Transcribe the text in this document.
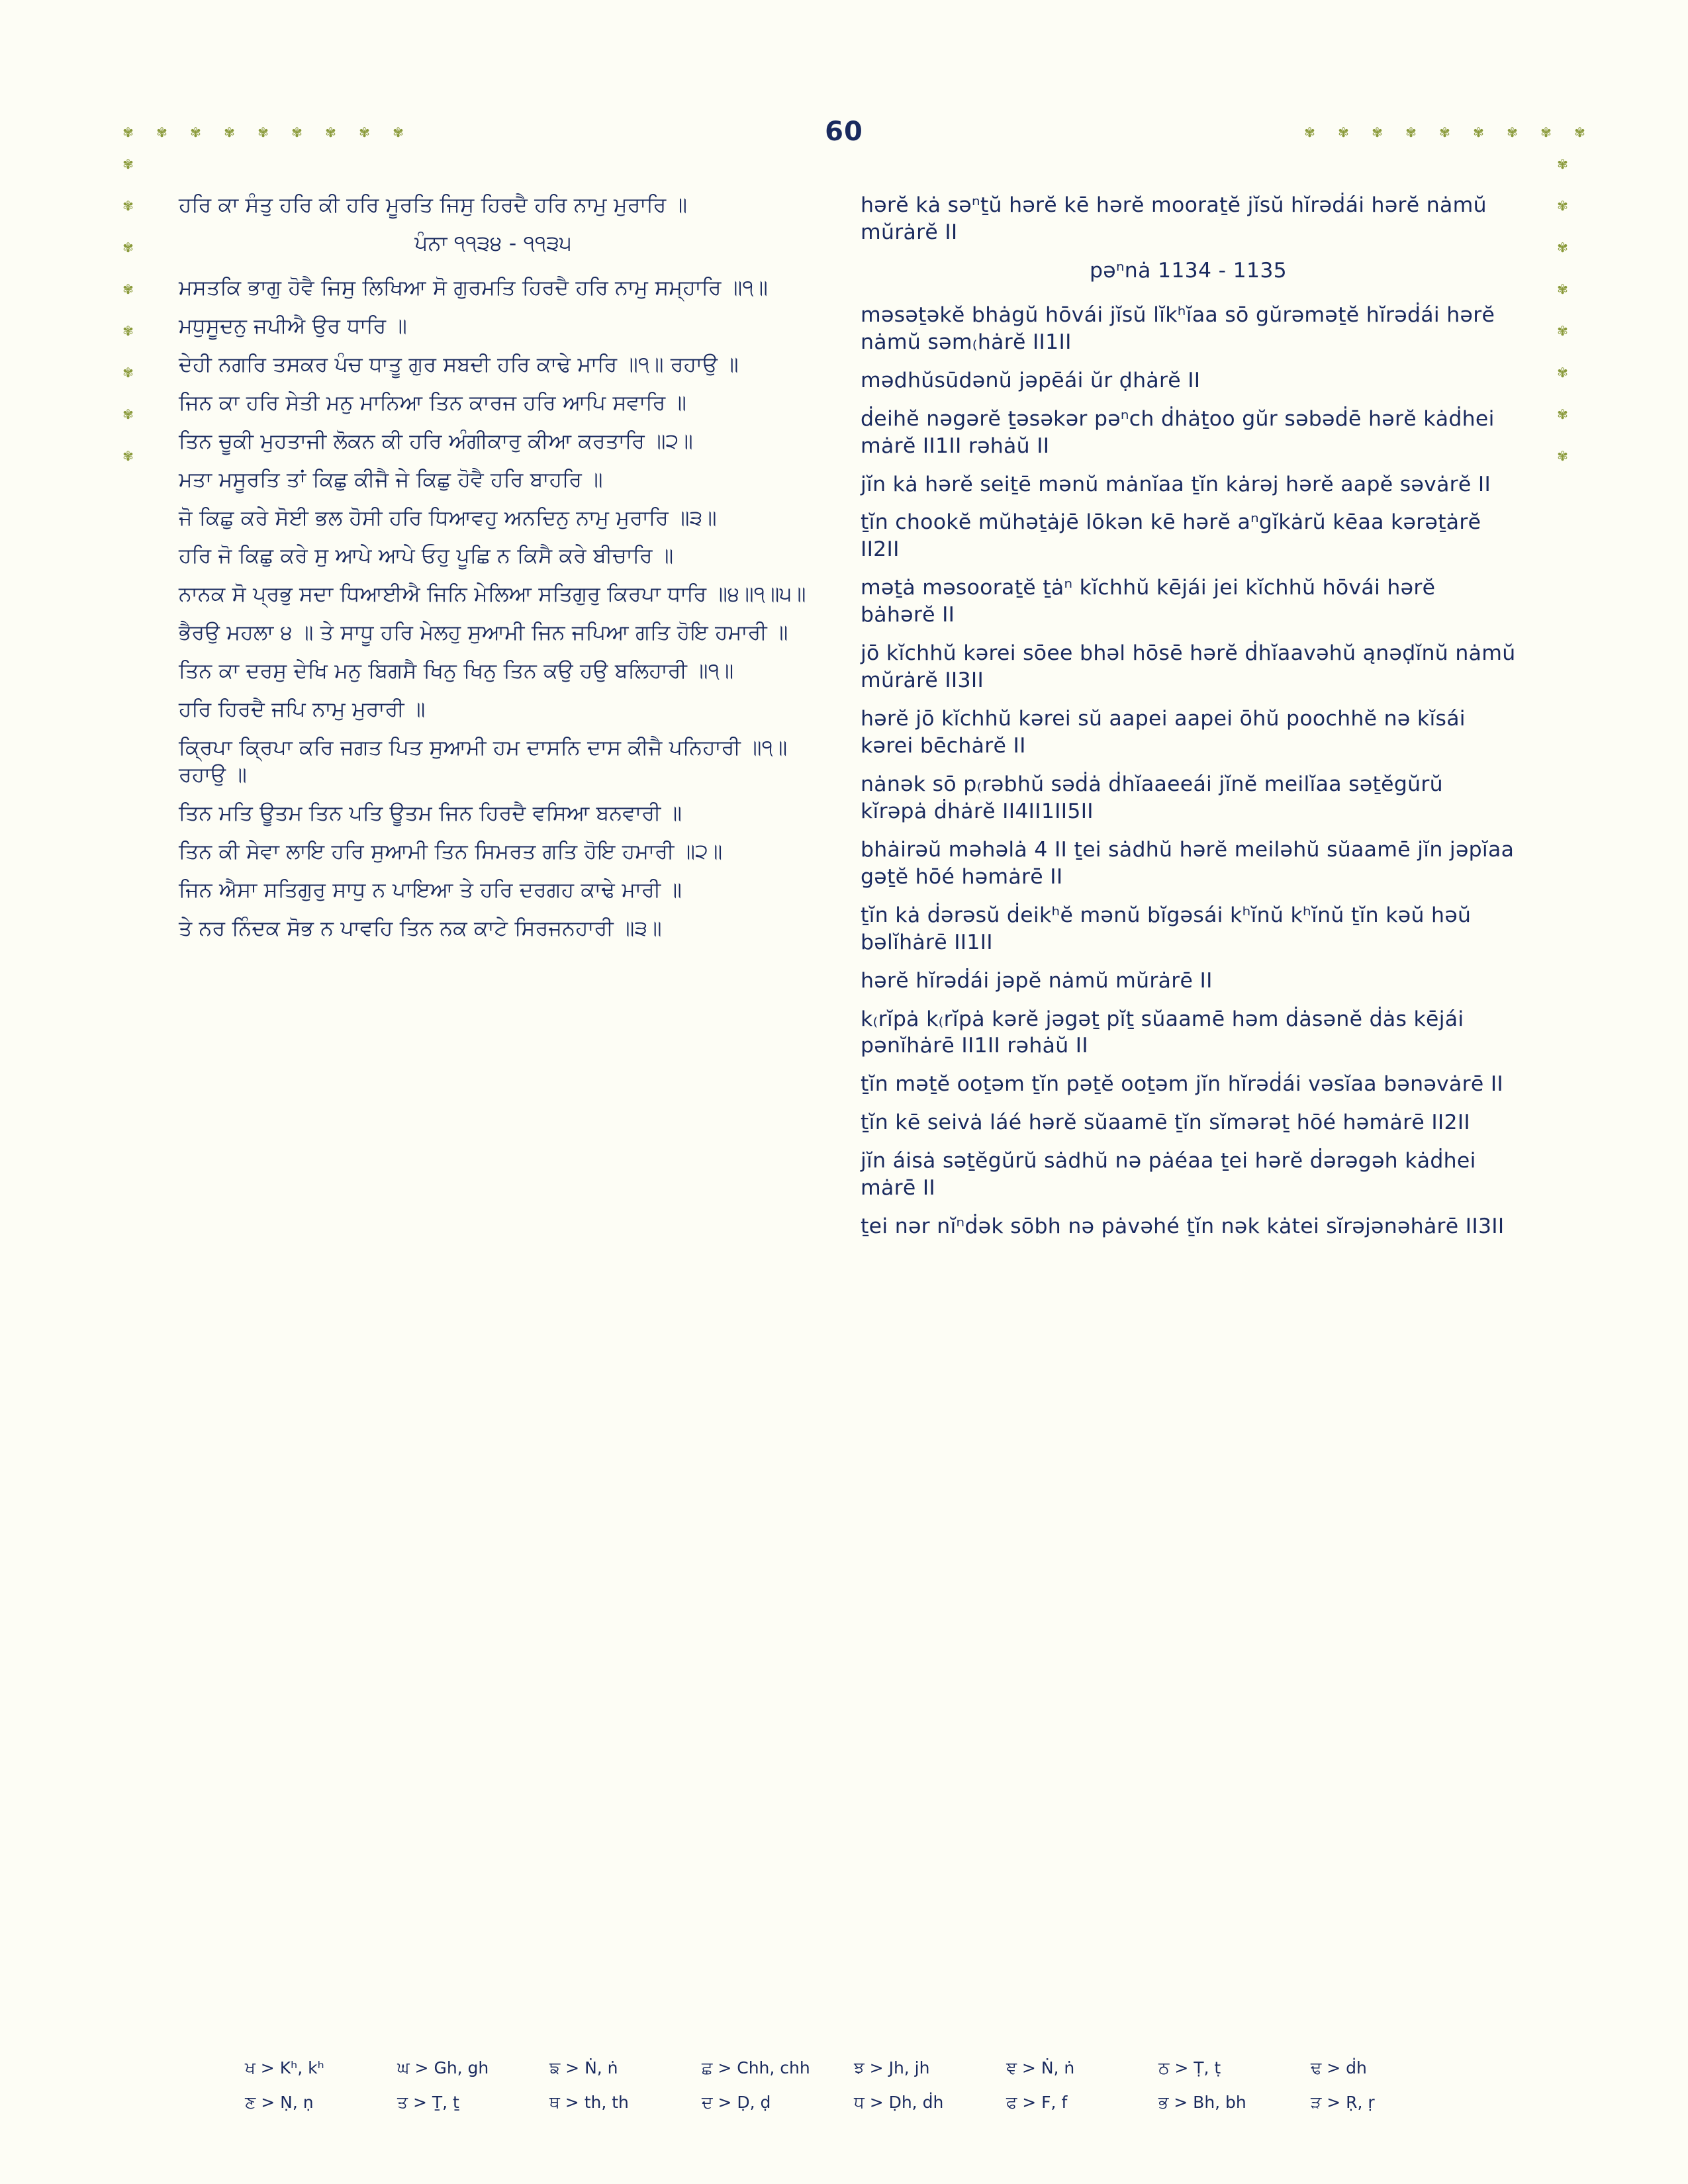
✾ ✾ ✾ ✾ ✾ ✾ ✾ ✾ ✾	✾ ✾ ✾ ✾ ✾ ✾ ✾ ✾ ✾
✾
✾
✾
✾
✾
✾
✾
✾
✾
✾
✾
✾
✾
✾
✾
✾
60

ਹਰਿ ਕਾ ਸੰਤੁ ਹਰਿ ਕੀ ਹਰਿ ਮੂਰਤਿ ਜਿਸੁ ਹਿਰਦੈ ਹਰਿ ਨਾਮੁ ਮੁਰਾਰਿ ॥

ਪੰਨਾ ੧੧੩੪ - ੧੧੩੫

ਮਸਤਕਿ ਭਾਗੁ ਹੋਵੈ ਜਿਸੁ ਲਿਖਿਆ ਸੋ ਗੁਰਮਤਿ ਹਿਰਦੈ ਹਰਿ ਨਾਮੁ ਸਮ੍ਹਾਰਿ ॥੧॥

ਮਧੁਸੂਦਨੁ ਜਪੀਐ ਉਰ ਧਾਰਿ ॥

ਦੇਹੀ ਨਗਰਿ ਤਸਕਰ ਪੰਚ ਧਾਤੂ ਗੁਰ ਸਬਦੀ ਹਰਿ ਕਾਢੇ ਮਾਰਿ ॥੧॥ ਰਹਾਉ ॥

ਜਿਨ ਕਾ ਹਰਿ ਸੇਤੀ ਮਨੁ ਮਾਨਿਆ ਤਿਨ ਕਾਰਜ ਹਰਿ ਆਪਿ ਸਵਾਰਿ ॥

ਤਿਨ ਚੂਕੀ ਮੁਹਤਾਜੀ ਲੋਕਨ ਕੀ ਹਰਿ ਅੰਗੀਕਾਰੁ ਕੀਆ ਕਰਤਾਰਿ ॥੨॥

ਮਤਾ ਮਸੂਰਤਿ ਤਾਂ ਕਿਛੁ ਕੀਜੈ ਜੇ ਕਿਛੁ ਹੋਵੈ ਹਰਿ ਬਾਹਰਿ ॥

ਜੋ ਕਿਛੁ ਕਰੇ ਸੋਈ ਭਲ ਹੋਸੀ ਹਰਿ ਧਿਆਵਹੁ ਅਨਦਿਨੁ ਨਾਮੁ ਮੁਰਾਰਿ ॥੩॥

ਹਰਿ ਜੋ ਕਿਛੁ ਕਰੇ ਸੁ ਆਪੇ ਆਪੇ ਓਹੁ ਪੂਛਿ ਨ ਕਿਸੈ ਕਰੇ ਬੀਚਾਰਿ ॥

ਨਾਨਕ ਸੋ ਪ੍ਰਭੁ ਸਦਾ ਧਿਆਈਐ ਜਿਨਿ ਮੇਲਿਆ ਸਤਿਗੁਰੁ ਕਿਰਪਾ ਧਾਰਿ ॥੪॥੧॥੫॥

ਭੈਰਉ ਮਹਲਾ ੪ ॥ ਤੇ ਸਾਧੂ ਹਰਿ ਮੇਲਹੁ ਸੁਆਮੀ ਜਿਨ ਜਪਿਆ ਗਤਿ ਹੋਇ ਹਮਾਰੀ ॥

ਤਿਨ ਕਾ ਦਰਸੁ ਦੇਖਿ ਮਨੁ ਬਿਗਸੈ ਖਿਨੁ ਖਿਨੁ ਤਿਨ ਕਉ ਹਉ ਬਲਿਹਾਰੀ ॥੧॥

ਹਰਿ ਹਿਰਦੈ ਜਪਿ ਨਾਮੁ ਮੁਰਾਰੀ ॥

ਕ੍ਰਿਪਾ ਕ੍ਰਿਪਾ ਕਰਿ ਜਗਤ ਪਿਤ ਸੁਆਮੀ ਹਮ ਦਾਸਨਿ ਦਾਸ ਕੀਜੈ ਪਨਿਹਾਰੀ ॥੧॥ ਰਹਾਉ ॥

ਤਿਨ ਮਤਿ ਊਤਮ ਤਿਨ ਪਤਿ ਊਤਮ ਜਿਨ ਹਿਰਦੈ ਵਸਿਆ ਬਨਵਾਰੀ ॥

ਤਿਨ ਕੀ ਸੇਵਾ ਲਾਇ ਹਰਿ ਸੁਆਮੀ ਤਿਨ ਸਿਮਰਤ ਗਤਿ ਹੋਇ ਹਮਾਰੀ ॥੨॥

ਜਿਨ ਐਸਾ ਸਤਿਗੁਰੁ ਸਾਧੁ ਨ ਪਾਇਆ ਤੇ ਹਰਿ ਦਰਗਹ ਕਾਢੇ ਮਾਰੀ ॥

ਤੇ ਨਰ ਨਿੰਦਕ ਸੋਭ ਨ ਪਾਵਹਿ ਤਿਨ ਨਕ ਕਾਟੇ ਸਿਰਜਨਹਾਰੀ ॥੩॥

hərĕ kȧ səⁿṯŭ hərĕ kē hərĕ mooraṯĕ jĭsŭ hĭrəḋái hərĕ nȧmŭ mŭrȧrĕ II

pəⁿnȧ 1134 - 1135

məsəṯəkĕ bhȧgŭ hōvái jĭsŭ lĭkʰĭaa sō gŭrəməṯĕ hĭrəḋái hərĕ nȧmŭ səm₍hȧrĕ II1II

mədhŭsūdənŭ jəpēái ŭr ḍhȧrĕ II

ḋeihĕ nəgərĕ ṯəsəkər pəⁿch ḋhȧṯoo gŭr səbəḋē hərĕ kȧḋhei mȧrĕ II1II rəhȧŭ II

jĭn kȧ hərĕ seiṯē mənŭ mȧnĭaa ṯĭn kȧrəj hərĕ aapĕ səvȧrĕ II

ṯĭn chookĕ mŭhəṯȧjē lōkən kē hərĕ aⁿgĭkȧrŭ kēaa kərəṯȧrĕ II2II

məṯȧ məsooraṯĕ ṯȧⁿ kĭchhŭ kējái jei kĭchhŭ hōvái hərĕ bȧhərĕ II

jō kĭchhŭ kərei sōee bhəl hōsē hərĕ ḋhĭaavəhŭ ąnəḍĭnŭ nȧmŭ mŭrȧrĕ II3II

hərĕ jō kĭchhŭ kərei sŭ aapei aapei ōhŭ poochhĕ nə kĭsái kərei bēchȧrĕ II

nȧnək sō p₍rəbhŭ səḋȧ ḋhĭaaeeái jĭnĕ meilĭaa səṯĕgŭrŭ kĭrəpȧ ḋhȧrĕ II4II1II5II

bhȧirəŭ məhəlȧ 4 II ṯei sȧdhŭ hərĕ meiləhŭ sŭaamē jĭn jəpĭaa gəṯĕ hōé həmȧrē II

ṯĭn kȧ ḋərəsŭ ḋeikʰĕ mənŭ bĭgəsái kʰĭnŭ kʰĭnŭ ṯĭn kəŭ həŭ bəlĭhȧrē II1II

hərĕ hĭrəḋái jəpĕ nȧmŭ mŭrȧrē II

k₍rĭpȧ k₍rĭpȧ kərĕ jəgəṯ pĭṯ sŭaamē həm ḋȧsənĕ ḋȧs kējái pənĭhȧrē II1II rəhȧŭ II

ṯĭn məṯĕ ooṯəm ṯĭn pəṯĕ ooṯəm jĭn hĭrəḋái vəsĭaa bənəvȧrē II

ṯĭn kē seivȧ láé hərĕ sŭaamē ṯĭn sĭmərəṯ hōé həmȧrē II2II

jĭn áisȧ səṯĕgŭrŭ sȧdhŭ nə pȧéaa ṯei hərĕ ḋərəgəh kȧḋhei mȧrē II

ṯei nər nĭⁿḋək sōbh nə pȧvəhé ṯĭn nək kȧtei sĭrəjənəhȧrē II3II

ਖ > Kʰ, kʰ	ਘ > Gh, gh	ਙ > Ṅ, ṅ	ਛ > Chh, chh	ਝ > Jh, jh	ਞ > Ṅ, ṅ	ਠ > Ṭ, ṭ	ਢ > ḋh
ਣ > Ṇ, ṇ	ਤ > Ṯ, ṯ	ਥ > th, th	ਦ > Ḍ, ḍ	ਧ > Ḍh, ḋh	ਫ > F, f	ਭ > Bh, bh	ੜ > Ṛ, ṛ
